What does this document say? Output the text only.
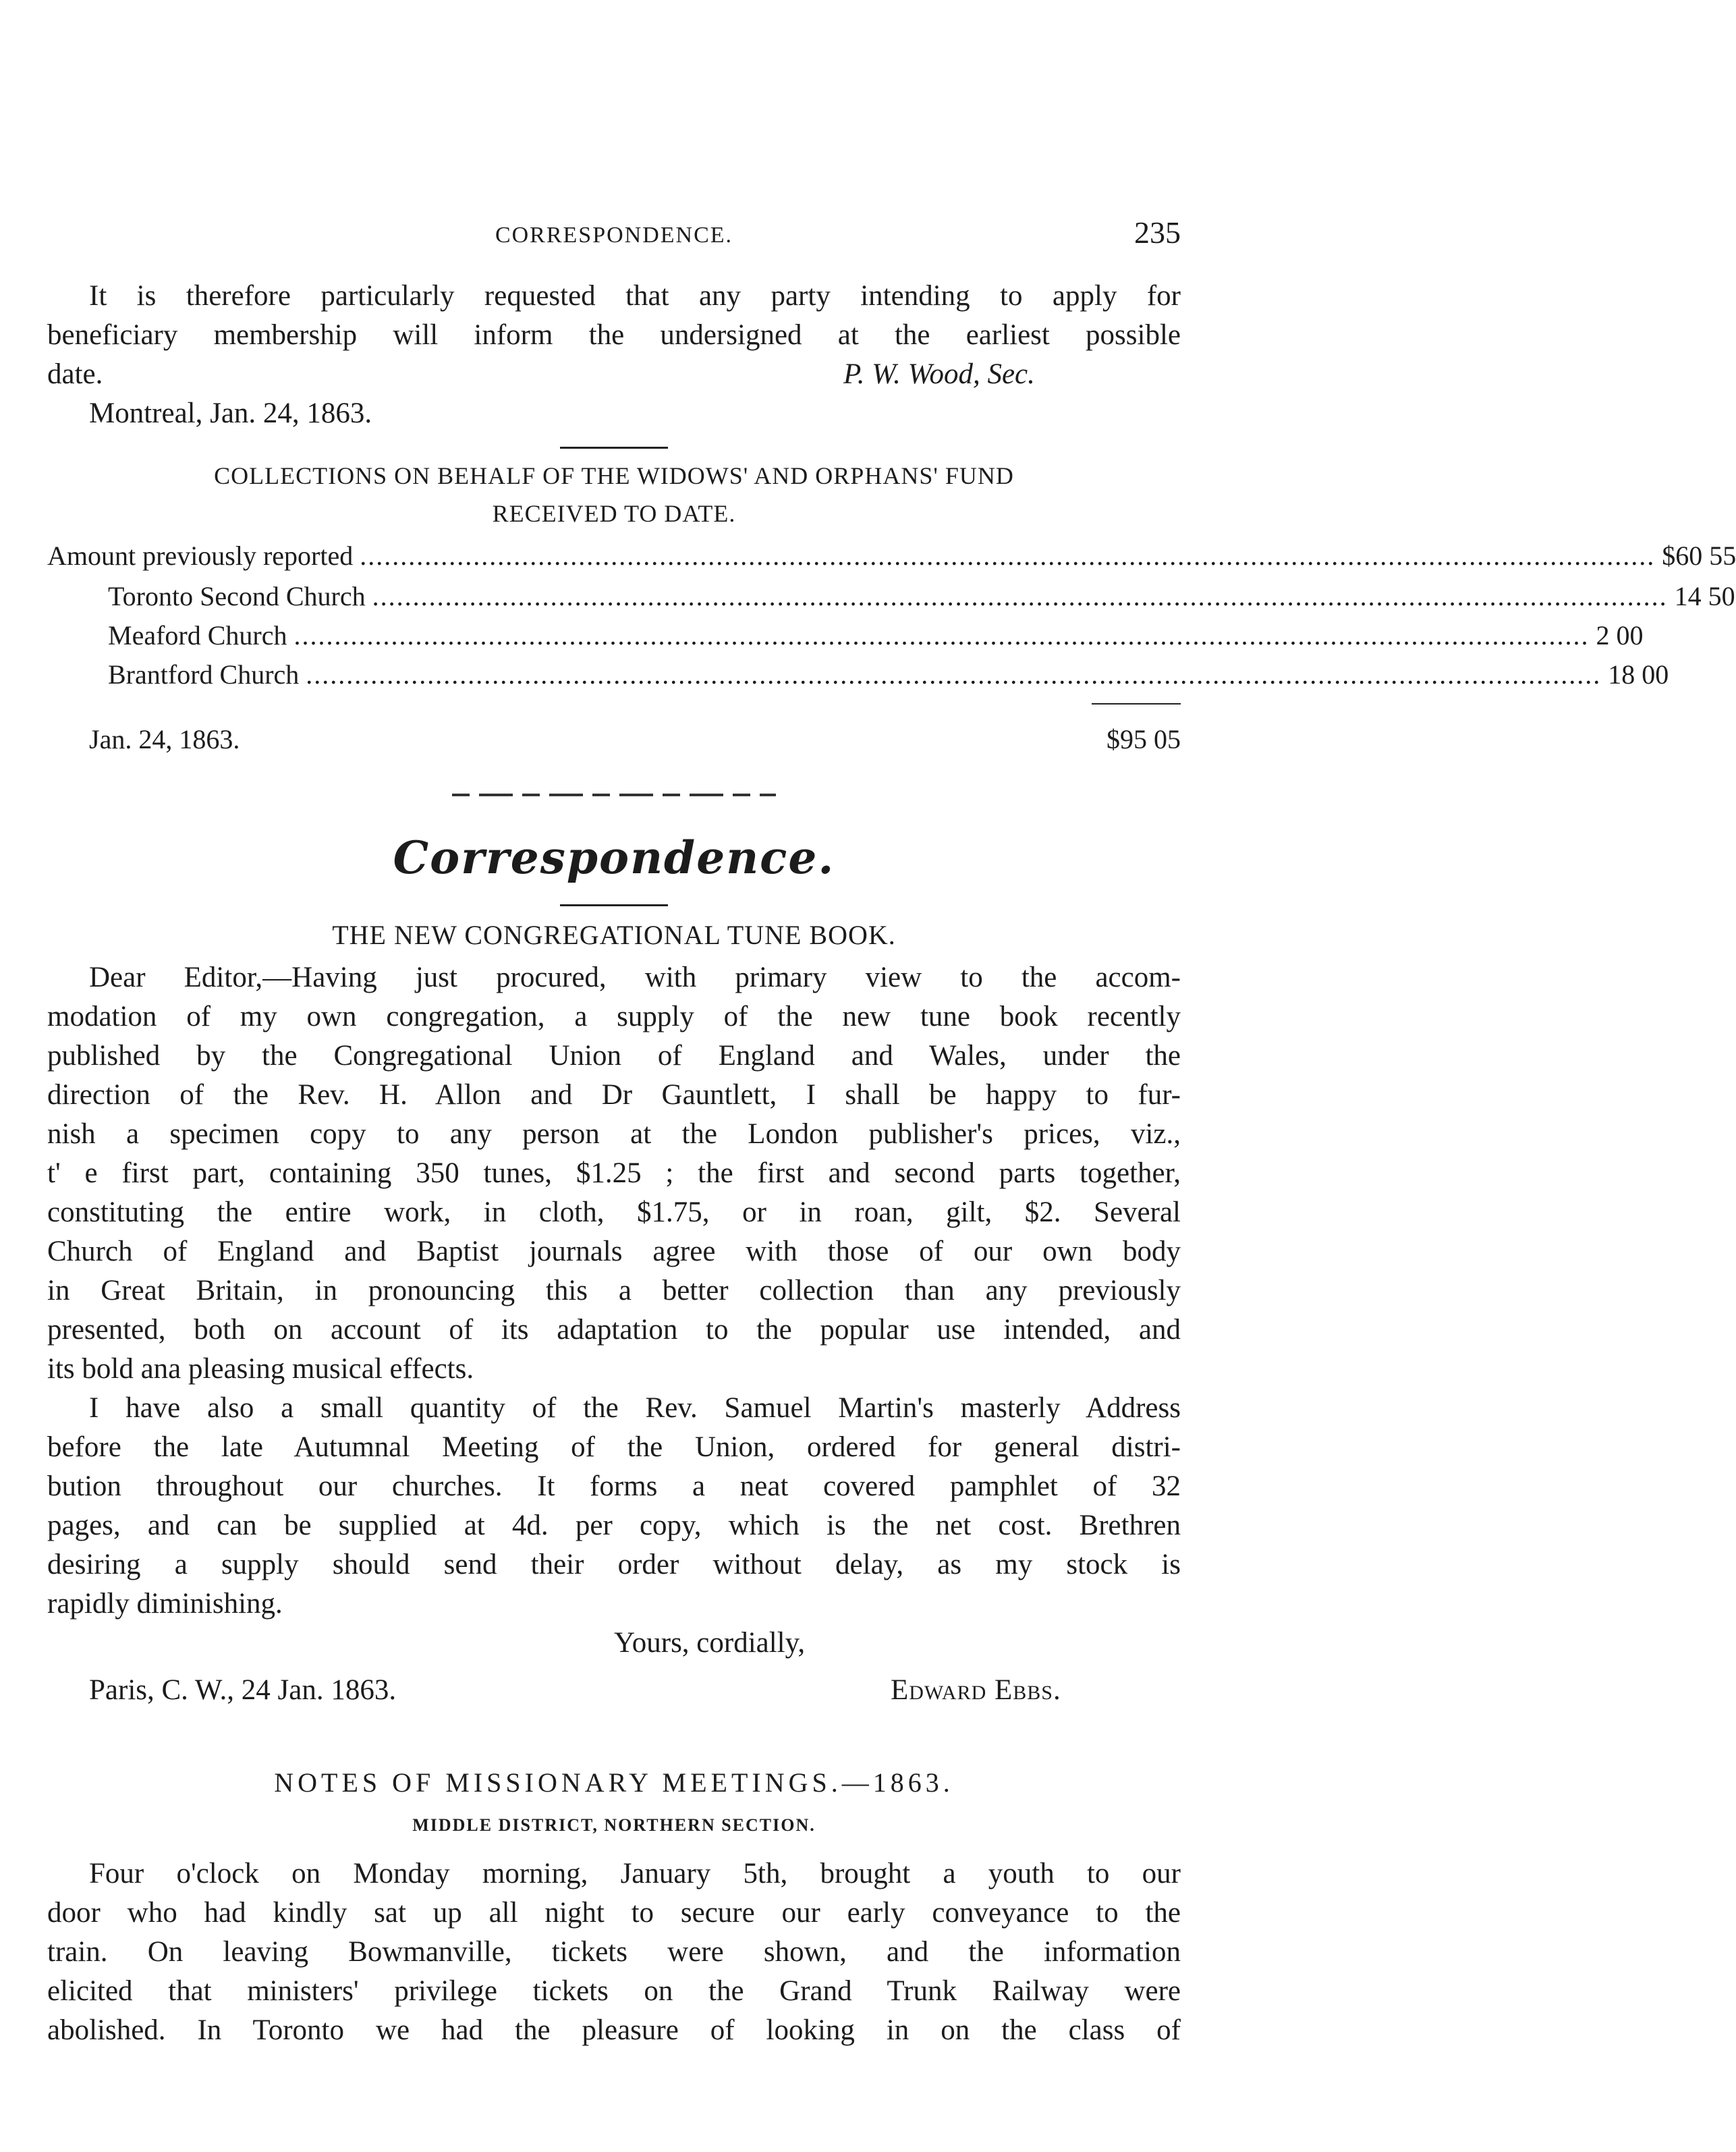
CORRESPONDENCE.	235
It is therefore particularly requested that any party intending to apply for
beneficiary membership will inform the undersigned at the earliest possible
date.	P. W. Wood, Sec.
Montreal, Jan. 24, 1863.
COLLECTIONS ON BEHALF OF THE WIDOWS' AND ORPHANS' FUND
RECEIVED TO DATE.
Amount previously reported ................................................................................................................................................................ $60 55
Toronto Second Church ................................................................................................................................................................ 14 50
Meaford Church ................................................................................................................................................................ 2 00
Brantford Church ................................................................................................................................................................ 18 00
Jan. 24, 1863.	$95 05
Correspondence.
THE NEW CONGREGATIONAL TUNE BOOK.
Dear Editor,—Having just procured, with primary view to the accom-
modation of my own congregation, a supply of the new tune book recently
published by the Congregational Union of England and Wales, under the
direction of the Rev. H. Allon and Dr Gauntlett, I shall be happy to fur-
nish a specimen copy to any person at the London publisher's prices, viz.,
t' e first part, containing 350 tunes, $1.25 ; the first and second parts together,
constituting the entire work, in cloth, $1.75, or in roan, gilt, $2. Several
Church of England and Baptist journals agree with those of our own body
in Great Britain, in pronouncing this a better collection than any previously
presented, both on account of its adaptation to the popular use intended, and
its bold ana pleasing musical effects.
I have also a small quantity of the Rev. Samuel Martin's masterly Address
before the late Autumnal Meeting of the Union, ordered for general distri-
bution throughout our churches. It forms a neat covered pamphlet of 32
pages, and can be supplied at 4d. per copy, which is the net cost. Brethren
desiring a supply should send their order without delay, as my stock is
rapidly diminishing.
Yours, cordially,
Paris, C. W., 24 Jan. 1863.	Edward Ebbs.
NOTES OF MISSIONARY MEETINGS.—1863.
MIDDLE DISTRICT, NORTHERN SECTION.
Four o'clock on Monday morning, January 5th, brought a youth to our
door who had kindly sat up all night to secure our early conveyance to the
train. On leaving Bowmanville, tickets were shown, and the information
elicited that ministers' privilege tickets on the Grand Trunk Railway were
abolished. In Toronto we had the pleasure of looking in on the class of
